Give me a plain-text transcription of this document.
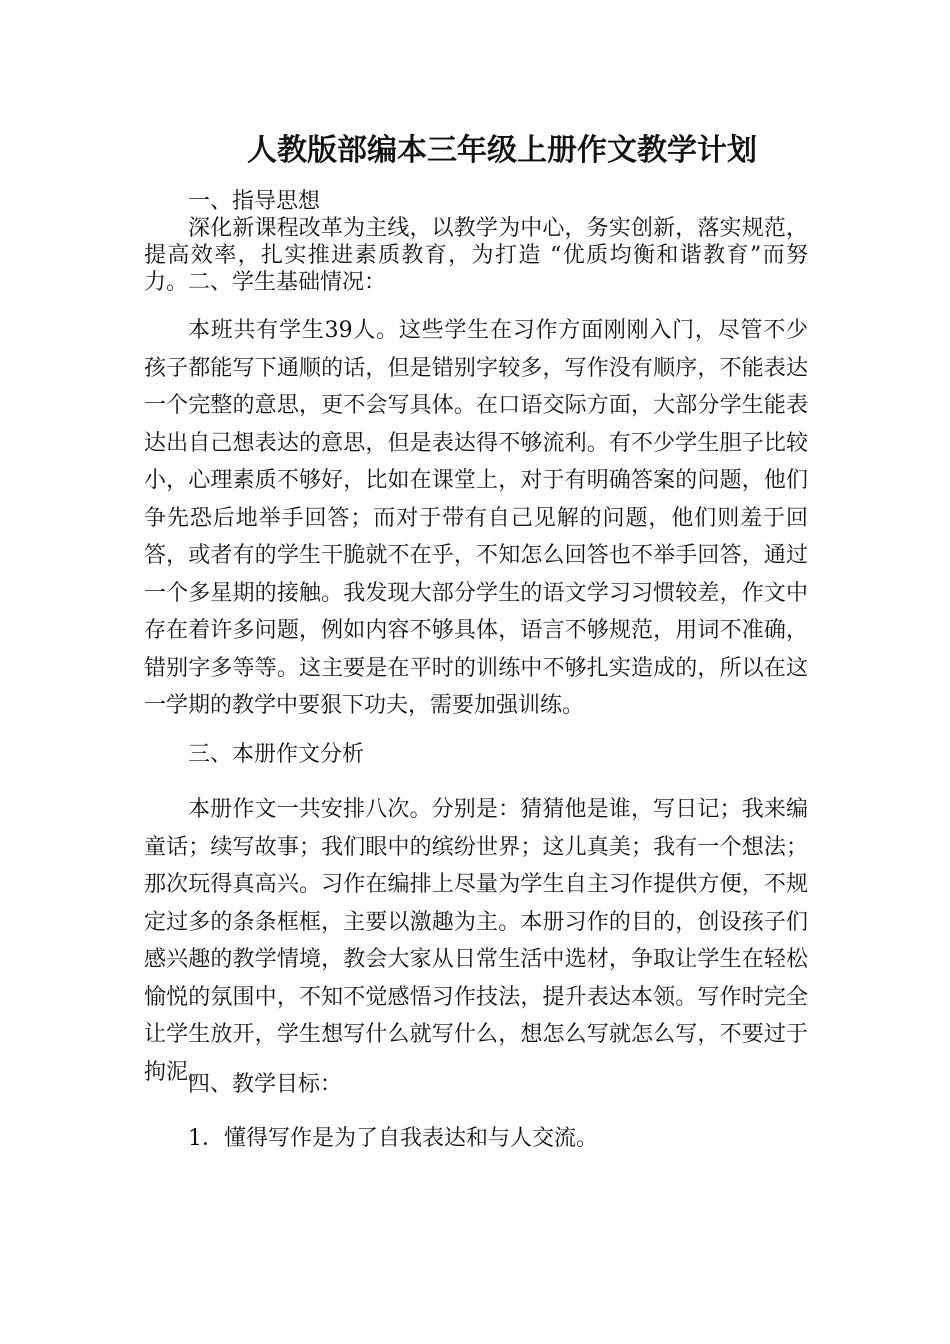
人教版部编本三年级上册作文教学计划

一、指导思想

深化新课程改革为主线，以教学为中心，务实创新，落实规范，提高效率，扎实推进素质教育，为打造 “优质均衡和谐教育”而努力。 二、学生基础情况：

本班共有学生39人。这些学生在习作方面刚刚入门，尽管不少孩子都能写下通顺的话，但是错别字较多，写作没有顺序，不能表达一个完整的意思，更不会写具体。在口语交际方面，大部分学生能表达出自己想表达的意思，但是表达得不够流利。有不少学生胆子比较小，心理素质不够好，比如在课堂上，对于有明确答案的问题，他们争先恐后地举手回答；而对于带有自己见解的问题，他们则羞于回答，或者有的学生干脆就不在乎，不知怎么回答也不举手回答，通过一个多星期的接触。我发现大部分学生的语文学习习惯较差，作文中存在着许多问题，例如内容不够具体，语言不够规范，用词不准确，错别字多等等。这主要是在平时的训练中不够扎实造成的，所以在这一学期的教学中要狠下功夫，需要加强训练。

三、本册作文分析

本册作文一共安排八次。分别是：猜猜他是谁，写日记；我来编童话；续写故事；我们眼中的缤纷世界；这儿真美；我有一个想法；那次玩得真高兴。习作在编排上尽量为学生自主习作提供方便，不规定过多的条条框框，主要以激趣为主。本册习作的目的，创设孩子们感兴趣的教学情境，教会大家从日常生活中选材，争取让学生在轻松愉悦的氛围中，不知不觉感悟习作技法，提升表达本领。写作时完全让学生放开，学生想写什么就写什么，想怎么写就怎么写，不要过于拘泥。

四、教学目标：

1．懂得写作是为了自我表达和与人交流。
